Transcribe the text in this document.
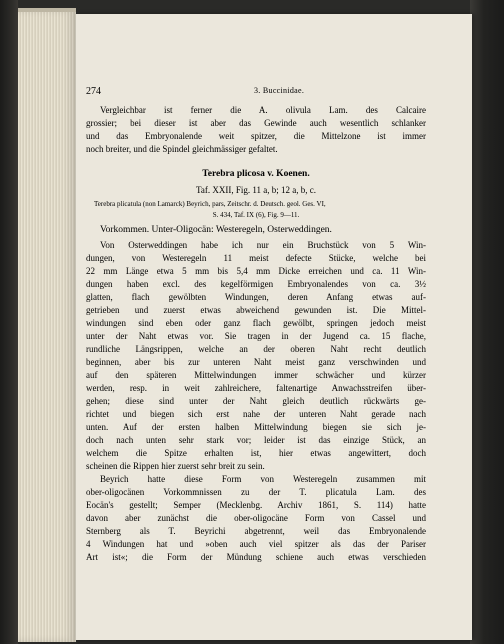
274	3. Buccinidae.
Vergleichbar ist ferner die A. olivula Lam. des Calcaire
grossier; bei dieser ist aber das Gewinde auch wesentlich schlanker
und das Embryonalende weit spitzer, die Mittelzone ist immer
noch breiter, und die Spindel gleichmässiger gefaltet.
Terebra plicosa v. Koenen.
Taf. XXII, Fig. 11 a, b; 12 a, b, c.
Terebra plicatula (non Lamarck) Beyrich, pars, Zeitschr. d. Deutsch. geol. Ges. VI,
S. 434, Taf. IX (6), Fig. 9—11.
Vorkommen. Unter-Oligocän: Westeregeln, Osterweddingen.
Von Osterweddingen habe ich nur ein Bruchstück von 5 Win-
dungen, von Westeregeln 11 meist defecte Stücke, welche bei
22 mm Länge etwa 5 mm bis 5,4 mm Dicke erreichen und ca. 11 Win-
dungen haben excl. des kegelförmigen Embryonalendes von ca. 3½
glatten, flach gewölbten Windungen, deren Anfang etwas auf-
getrieben und zuerst etwas abweichend gewunden ist. Die Mittel-
windungen sind eben oder ganz flach gewölbt, springen jedoch meist
unter der Naht etwas vor. Sie tragen in der Jugend ca. 15 flache,
rundliche Längsrippen, welche an der oberen Naht recht deutlich
beginnen, aber bis zur unteren Naht meist ganz verschwinden und
auf den späteren Mittelwindungen immer schwächer und kürzer
werden, resp. in weit zahlreichere, faltenartige Anwachsstreifen über-
gehen; diese sind unter der Naht gleich deutlich rückwärts ge-
richtet und biegen sich erst nahe der unteren Naht gerade nach
unten. Auf der ersten halben Mittelwindung biegen sie sich je-
doch nach unten sehr stark vor; leider ist das einzige Stück, an
welchem die Spitze erhalten ist, hier etwas angewittert, doch
scheinen die Rippen hier zuerst sehr breit zu sein.
Beyrich hatte diese Form von Westeregeln zusammen mit
ober-oligocänen Vorkommnissen zu der T. plicatula Lam. des
Eocän's gestellt; Semper (Mecklenbg. Archiv 1861, S. 114) hatte
davon aber zunächst die ober-oligocäne Form von Cassel und
Sternberg als T. Beyrichi abgetrennt, weil das Embryonalende
4 Windungen hat und »oben auch viel spitzer als das der Pariser
Art ist«; die Form der Mündung schiene auch etwas verschieden
